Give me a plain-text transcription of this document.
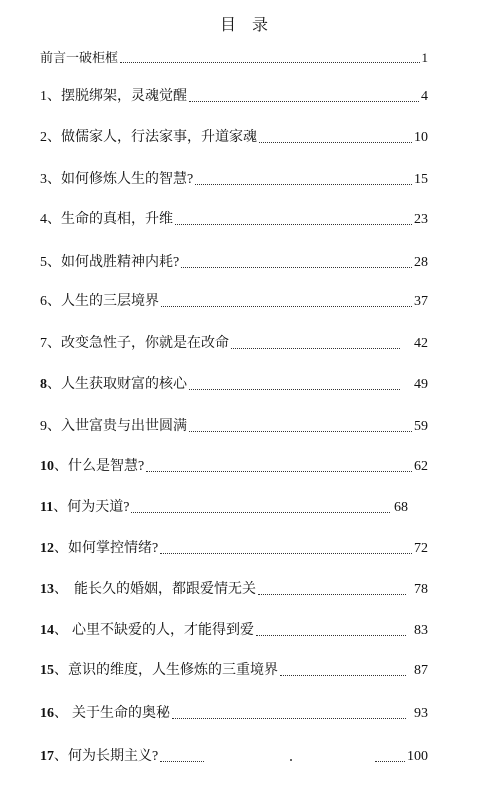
目　录
前言一破柜框	1
1 、 摆脱绑架，灵魂觉醒	4
2 、 做儒家人，行法家事，升道家魂	10
3 、 如何修炼人生的智慧?	15
4 、 生命的真相，升维	23
5 、 如何战胜精神内耗?	28
6 、 人生的三层境界	37
7 、 改变急性子，你就是在改命	42
8 、 人生获取财富的核心	49
9 、 入世富贵与出世圆满	59
10 、 什么是智慧?	62
11 、 何为天道?	68
12 、 如何掌控情绪?	72
13 、 能长久的婚姻，都跟爱情无关	78
14 、 心里不缺爱的人，才能得到爱	83
15 、 意识的维度，人生修炼的三重境界	87
16 、 关于生命的奥秘	93
17 、 何为长期主义?	100
